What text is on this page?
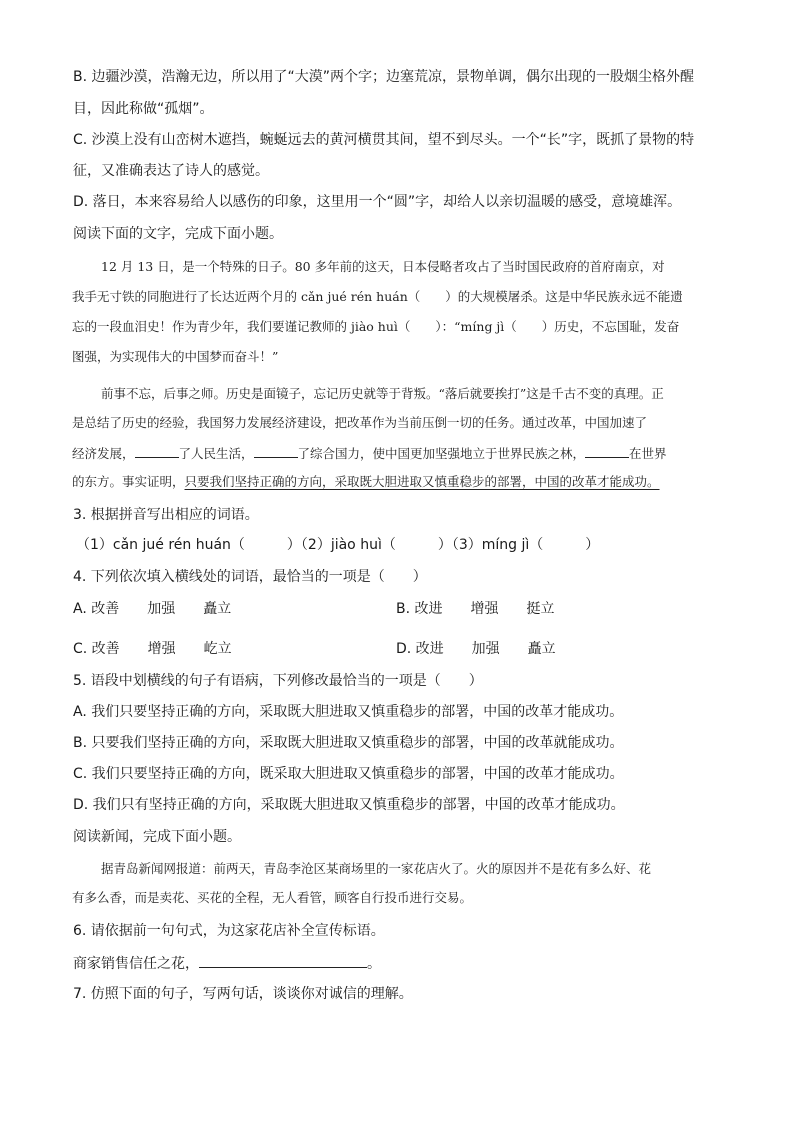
B. 边疆沙漠，浩瀚无边，所以用了“大漠”两个字；边塞荒凉，景物单调，偶尔出现的一股烟尘格外醒
目，因此称做“孤烟”。
C. 沙漠上没有山峦树木遮挡，蜿蜒远去的黄河横贯其间，望不到尽头。一个“长”字，既抓了景物的特
征，又准确表达了诗人的感觉。
D. 落日，本来容易给人以感伤的印象，这里用一个“圆”字，却给人以亲切温暖的感受，意境雄浑。
阅读下面的文字，完成下面小题。
12 月 13 日，是一个特殊的日子。80 多年前的这天，日本侵略者攻占了当时国民政府的首府南京，对
我手无寸铁的同胞进行了长达近两个月的 cǎn jué rén huán（　　）的大规模屠杀。这是中华民族永远不能遗
忘的一段血泪史！作为青少年，我们要谨记教师的 jiào huì（　　）：“míng jì（　　）历史，不忘国耻，发奋
图强，为实现伟大的中国梦而奋斗！”
前事不忘，后事之师。历史是面镜子，忘记历史就等于背叛。“落后就要挨打”这是千古不变的真理。正
是总结了历史的经验，我国努力发展经济建设，把改革作为当前压倒一切的任务。通过改革，中国加速了
经济发展，	了人民生活，	了综合国力，使中国更加坚强地立于世界民族之林，	在世界
的东方。事实证明，只要我们坚持正确的方向，采取既大胆进取又慎重稳步的部署，中国的改革才能成功。
3. 根据拼音写出相应的词语。
（1）cǎn jué rén huán（　　　）（2）jiào huì（　　　）（3）míng jì（　　　）
4. 下列依次填入横线处的词语，最恰当的一项是（　　）
A. 改善　　加强　　矗立	B. 改进　　增强　　挺立
C. 改善　　增强　　屹立	D. 改进　　加强　　矗立
5. 语段中划横线的句子有语病，下列修改最恰当的一项是（　　）
A. 我们只要坚持正确的方向，采取既大胆进取又慎重稳步的部署，中国的改革才能成功。
B. 只要我们坚持正确的方向，采取既大胆进取又慎重稳步的部署，中国的改革就能成功。
C. 我们只要坚持正确的方向，既采取大胆进取又慎重稳步的部署，中国的改革才能成功。
D. 我们只有坚持正确的方向，采取既大胆进取又慎重稳步的部署，中国的改革才能成功。
阅读新闻，完成下面小题。
据青岛新闻网报道：前两天，青岛李沧区某商场里的一家花店火了。火的原因并不是花有多么好、花
有多么香，而是卖花、买花的全程，无人看管，顾客自行投币进行交易。
6. 请依据前一句句式，为这家花店补全宣传标语。
商家销售信任之花，	。
7. 仿照下面的句子，写两句话，谈谈你对诚信的理解。
